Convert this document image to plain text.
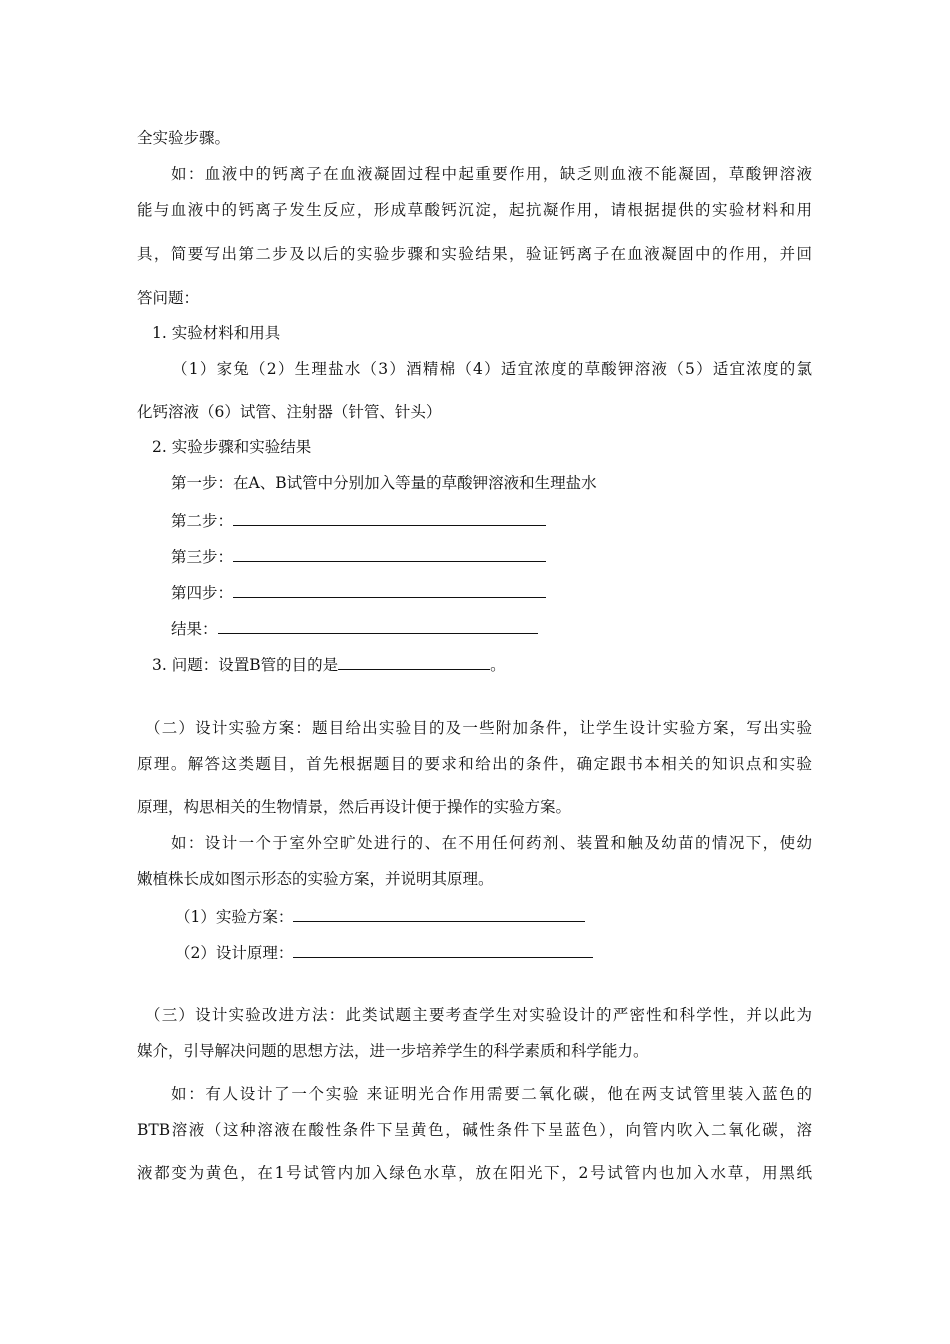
全实验步骤。
如：血液中的钙离子在血液凝固过程中起重要作用，缺乏则血液不能凝固，草酸钾溶液
能与血液中的钙离子发生反应，形成草酸钙沉淀，起抗凝作用，请根据提供的实验材料和用
具，简要写出第二步及以后的实验步骤和实验结果，验证钙离子在血液凝固中的作用，并回
答问题：
1. 实验材料和用具
（1）家兔（2）生理盐水（3）酒精棉（4）适宜浓度的草酸钾溶液（5）适宜浓度的氯
化钙溶液（6）试管、注射器（针管、针头）
2. 实验步骤和实验结果
第一步：在A、B试管中分别加入等量的草酸钾溶液和生理盐水
第二步：
第三步：
第四步：
结果：
3. 问题：设置B管的目的是	。
（二）设计实验方案：题目给出实验目的及一些附加条件，让学生设计实验方案，写出实验
原理。解答这类题目，首先根据题目的要求和给出的条件，确定跟书本相关的知识点和实验
原理，构思相关的生物情景，然后再设计便于操作的实验方案。
如：设计一个于室外空旷处进行的、在不用任何药剂、装置和触及幼苗的情况下，使幼
嫩植株长成如图示形态的实验方案，并说明其原理。
（1）实验方案：
（2）设计原理：
（三）设计实验改进方法：此类试题主要考查学生对实验设计的严密性和科学性，并以此为
媒介，引导解决问题的思想方法，进一步培养学生的科学素质和科学能力。
如：有人设计了一个实验 来证明光合作用需要二氧化碳，他在两支试管里装入蓝色的
BTB溶液（这种溶液在酸性条件下呈黄色，碱性条件下呈蓝色），向管内吹入二氧化碳，溶
液都变为黄色，在1号试管内加入绿色水草，放在阳光下，2号试管内也加入水草，用黑纸
